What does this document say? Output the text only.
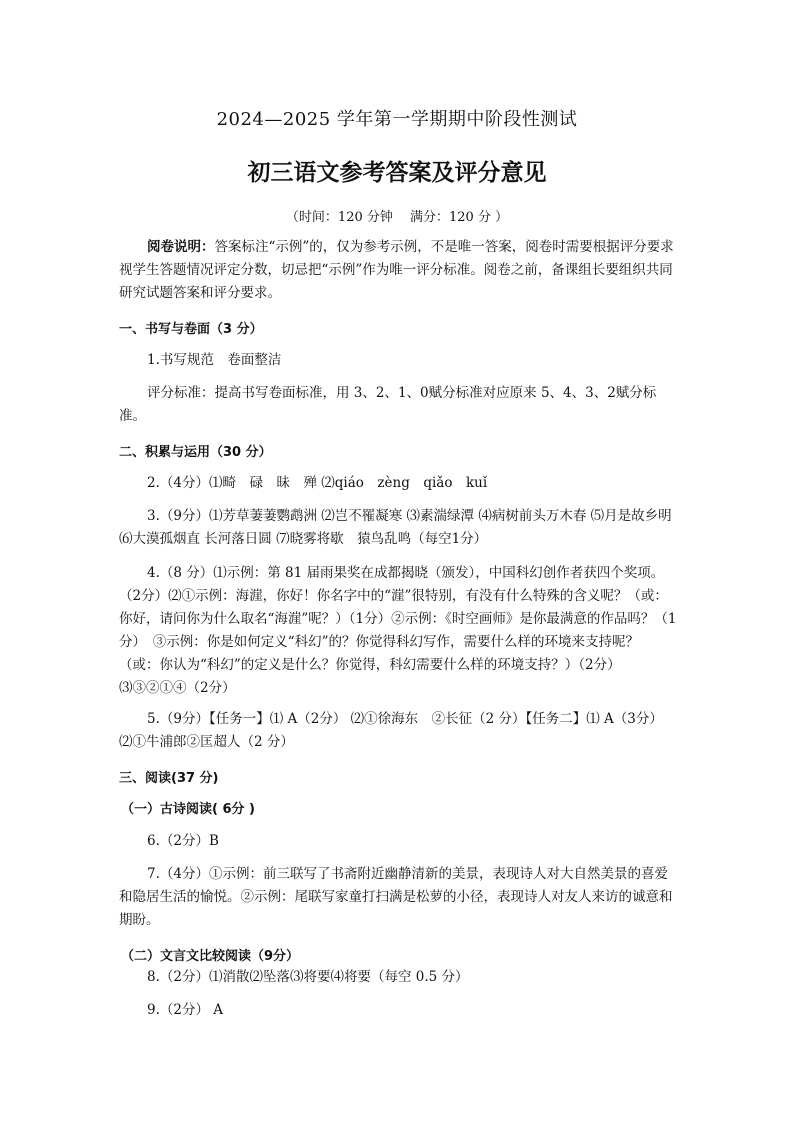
2024—2025 学年第一学期期中阶段性测试
初三语文参考答案及评分意见
（时间：120 分钟　 满分：120 分 ）
阅卷说明：答案标注“示例”的，仅为参考示例，不是唯一答案，阅卷时需要根据评分要求视学生答题情况评定分数，切忌把“示例”作为唯一评分标准。阅卷之前，备课组长要组织共同研究试题答案和评分要求。
一、书写与卷面（3 分）
1.书写规范　卷面整洁
评分标准：提高书写卷面标准，用 3、2、1、0赋分标准对应原来 5、4、3、2赋分标准。
二、积累与运用（30 分）
2.（4分）⑴畸　碌　昧　殚 ⑵qiáo　zèng　qiǎo　kuǐ
3.（9分）⑴芳草萋萋鹦鹉洲 ⑵岂不罹凝寒 ⑶素湍绿潭 ⑷病树前头万木春 ⑸月是故乡明 ⑹大漠孤烟直 长河落日圆 ⑺晓雾将歇　猿鸟乱鸣（每空1分）
4.（8 分）⑴示例：第 81 届雨果奖在成都揭晓（颁发），中国科幻创作者获四个奖项。（2分）⑵①示例：海漄，你好！你名字中的“漄”很特别，有没有什么特殊的含义呢？（或：你好，请问你为什么取名“海漄”呢？）（1分）②示例：《时空画师》是你最满意的作品吗？（1分）　③示例：你是如何定义“科幻”的？你觉得科幻写作，需要什么样的环境来支持呢？（或：你认为“科幻”的定义是什么？你觉得，科幻需要什么样的环境支持？）（2分）　⑶③②①④（2分）
5.（9分）【任务一】⑴ A（2分） ⑵①徐海东　②长征（2 分）【任务二】⑴ A（3分）⑵①牛浦郎②匡超人（2 分）
三、阅读(37 分)
（一）古诗阅读( 6分 )
6.（2分）B
7.（4分）①示例：前三联写了书斋附近幽静清新的美景，表现诗人对大自然美景的喜爱和隐居生活的愉悦。②示例：尾联写家童打扫满是松萝的小径，表现诗人对友人来访的诚意和期盼。
（二）文言文比较阅读（9分）
8.（2分）⑴消散⑵坠落⑶将要⑷将要（每空 0.5 分）
9.（2分） A
